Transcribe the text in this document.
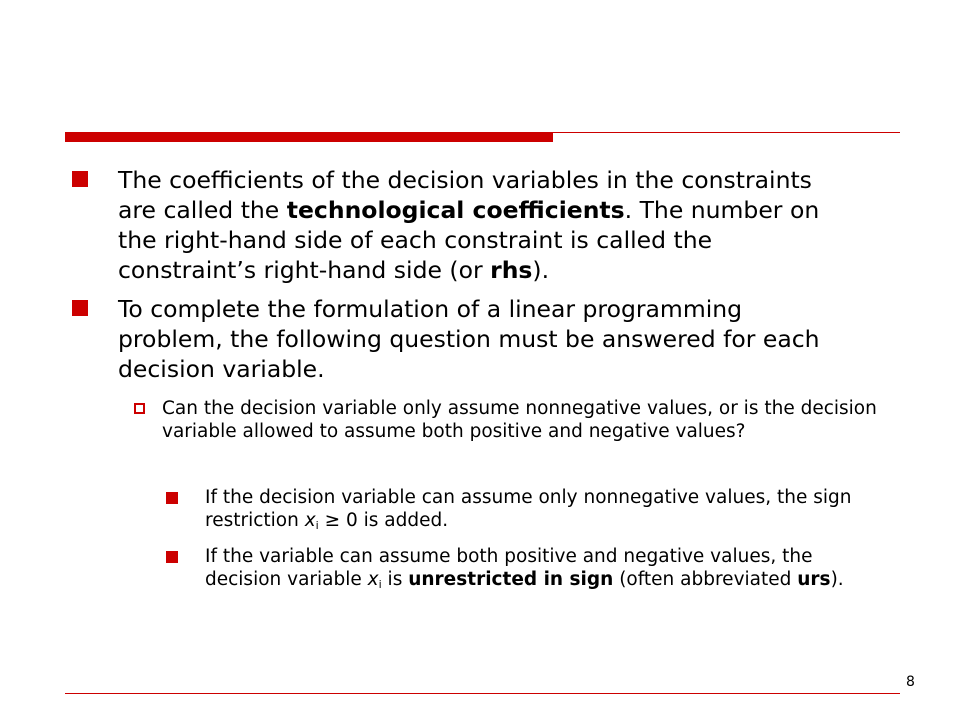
The coefficients of the decision variables in the constraints are called the technological coefficients. The number on the right-hand side of each constraint is called the constraint’s right-hand side (or rhs).
To complete the formulation of a linear programming problem, the following question must be answered for each decision variable.
Can the decision variable only assume nonnegative values, or is the decision variable allowed to assume both positive and negative values?
If the decision variable can assume only nonnegative values, the sign restriction $x_i \ge 0$ is added.
If the variable can assume both positive and negative values, the decision variable $x_i$ is unrestricted in sign (often abbreviated urs).
8
